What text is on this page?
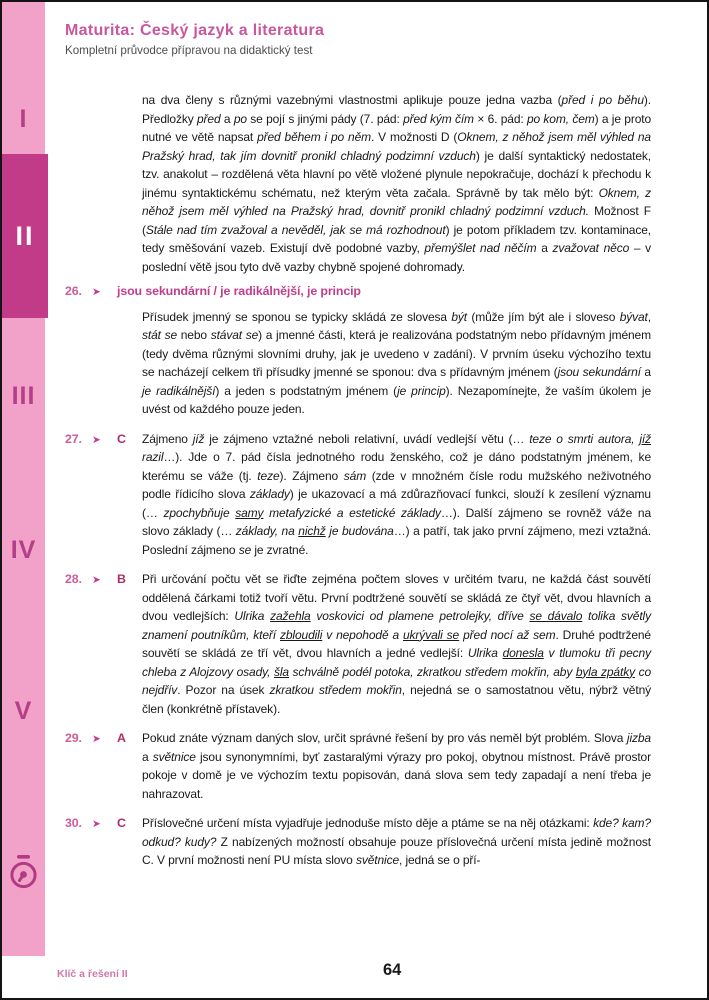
I
II
III
IV
V
Maturita: Český jazyk a literatura
Kompletní průvodce přípravou na didaktický test

na dva členy s různými vazebnými vlastnostmi aplikuje pouze jedna vazba (před i po běhu). Předložky před a po se pojí s jinými pády (7. pád: před kým čím × 6. pád: po kom, čem) a je proto nutné ve větě napsat před během i po něm. V možnosti D (Oknem, z něhož jsem měl výhled na Pražský hrad, tak jím dovnitř pronikl chladný podzimní vzduch) je další syntaktický nedostatek, tzv. anakolut – rozdělená věta hlavní po větě vložené plynule nepokračuje, dochází k přechodu k jinému syntaktickému schématu, než kterým věta začala. Správně by tak mělo být: Oknem, z něhož jsem měl výhled na Pražský hrad, dovnitř pronikl chladný podzimní vzduch. Možnost F (Stále nad tím zvažoval a nevěděl, jak se má rozhodnout) je potom příkladem tzv. kontaminace, tedy směšování vazeb. Existují dvě podobné vazby, přemýšlet nad něčím a zvažovat něco – v poslední větě jsou tyto dvě vazby chybně spojené dohromady.

26. ➤ jsou sekundární / je radikálnější, je princip

Přísudek jmenný se sponou se typicky skládá ze slovesa být (může jím být ale i sloveso bývat, stát se nebo stávat se) a jmenné části, která je realizována podstatným nebo přídavným jménem (tedy dvěma různými slovními druhy, jak je uvedeno v zadání). V prvním úseku výchozího textu se nacházejí celkem tři přísudky jmenné se sponou: dva s přídavným jménem (jsou sekundární a je radikálnější) a jeden s podstatným jménem (je princip). Nezapomínejte, že vaším úkolem je uvést od každého pouze jeden.

27. ➤ C Zájmeno jíž je zájmeno vztažné neboli relativní, uvádí vedlejší větu (… teze o smrti autora, jíž razil…). Jde o 7. pád čísla jednotného rodu ženského, což je dáno podstatným jménem, ke kterému se váže (tj. teze). Zájmeno sám (zde v množném čísle rodu mužského neživotného podle řídicího slova základy) je ukazovací a má zdůrazňovací funkci, slouží k zesílení významu (… zpochybňuje samy metafyzické a estetické základy…). Další zájmeno se rovněž váže na slovo základy (… základy, na nichž je budována…) a patří, tak jako první zájmeno, mezi vztažná. Poslední zájmeno se je zvratné.

28. ➤ B Při určování počtu vět se řiďte zejména počtem sloves v určitém tvaru, ne každá část souvětí oddělená čárkami totiž tvoří větu. První podtržené souvětí se skládá ze čtyř vět, dvou hlavních a dvou vedlejších: Ulrika zažehla voskovici od plamene petrolejky, dříve se dávalo tolika světly znamení poutníkům, kteří zbloudili v nepohodě a ukrývali se před nocí až sem. Druhé podtržené souvětí se skládá ze tří vět, dvou hlavních a jedné vedlejší: Ulrika donesla v tlumoku tři pecny chleba z Alojzovy osady, šla schválně podél potoka, zkratkou středem mokřin, aby byla zpátky co nejdřív. Pozor na úsek zkratkou středem mokřin, nejedná se o samostatnou větu, nýbrž větný člen (konkrétně přístavek).

29. ➤ A Pokud znáte význam daných slov, určit správné řešení by pro vás neměl být problém. Slova jizba a světnice jsou synonymními, byť zastaralými výrazy pro pokoj, obytnou místnost. Právě prostor pokoje v domě je ve výchozím textu popisován, daná slova sem tedy zapadají a není třeba je nahrazovat.

30. ➤ C Příslovečné určení místa vyjadřuje jednoduše místo děje a ptáme se na něj otázkami: kde? kam? odkud? kudy? Z nabízených možností obsahuje pouze příslovečná určení místa jedině možnost C. V první možnosti není PU místa slovo světnice, jedná se o pří-

Klíč a řešení II	64
